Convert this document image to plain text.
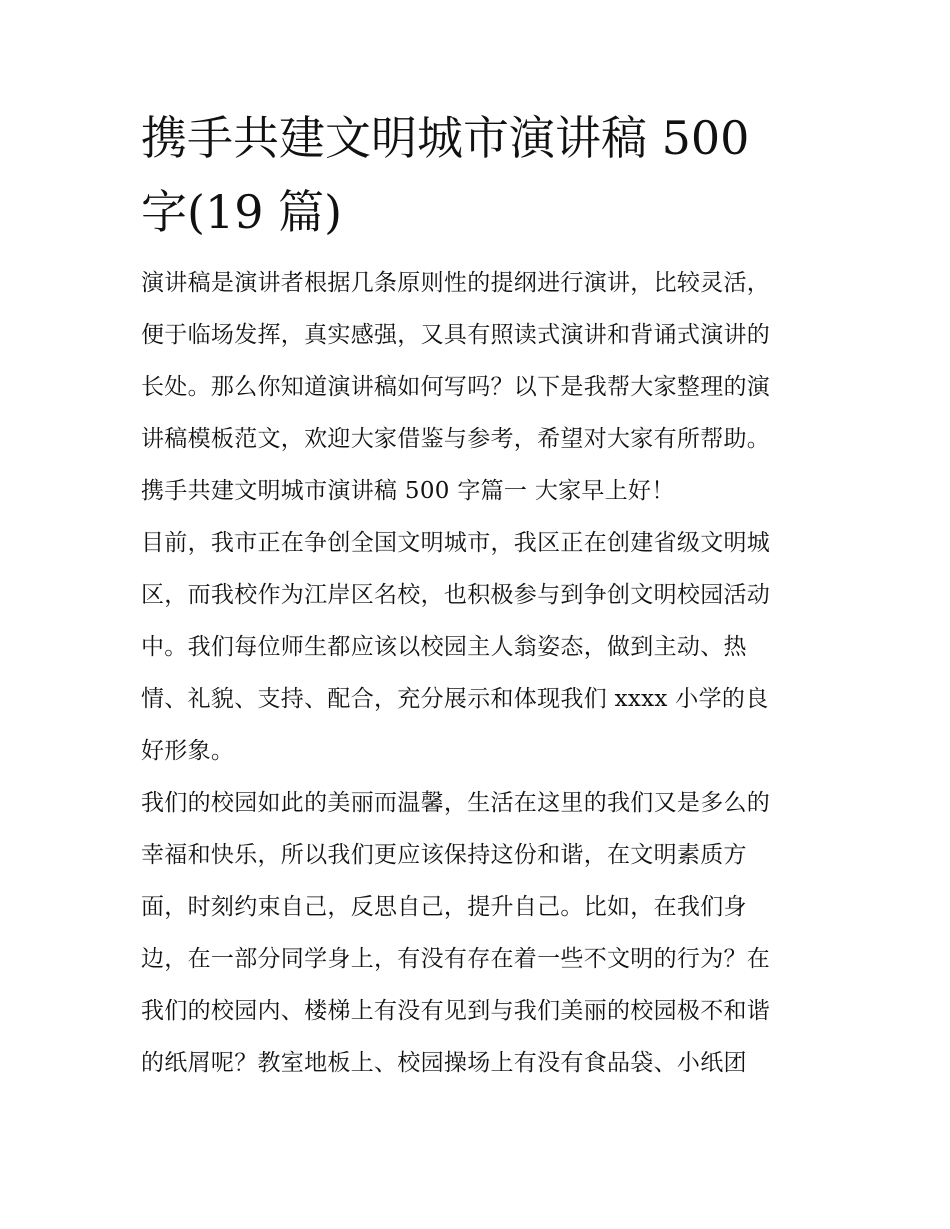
携手共建文明城市演讲稿 500
字(19 篇)
演讲稿是演讲者根据几条原则性的提纲进行演讲，比较灵活，
便于临场发挥，真实感强，又具有照读式演讲和背诵式演讲的
长处。那么你知道演讲稿如何写吗？以下是我帮大家整理的演
讲稿模板范文，欢迎大家借鉴与参考，希望对大家有所帮助。
携手共建文明城市演讲稿 500 字篇一 大家早上好！
目前，我市正在争创全国文明城市，我区正在创建省级文明城
区，而我校作为江岸区名校，也积极参与到争创文明校园活动
中。我们每位师生都应该以校园主人翁姿态，做到主动、热
情、礼貌、支持、配合，充分展示和体现我们 xxxx 小学的良
好形象。
我们的校园如此的美丽而温馨，生活在这里的我们又是多么的
幸福和快乐，所以我们更应该保持这份和谐，在文明素质方
面，时刻约束自己，反思自己，提升自己。比如，在我们身
边，在一部分同学身上，有没有存在着一些不文明的行为？在
我们的校园内、楼梯上有没有见到与我们美丽的校园极不和谐
的纸屑呢？教室地板上、校园操场上有没有食品袋、小纸团
